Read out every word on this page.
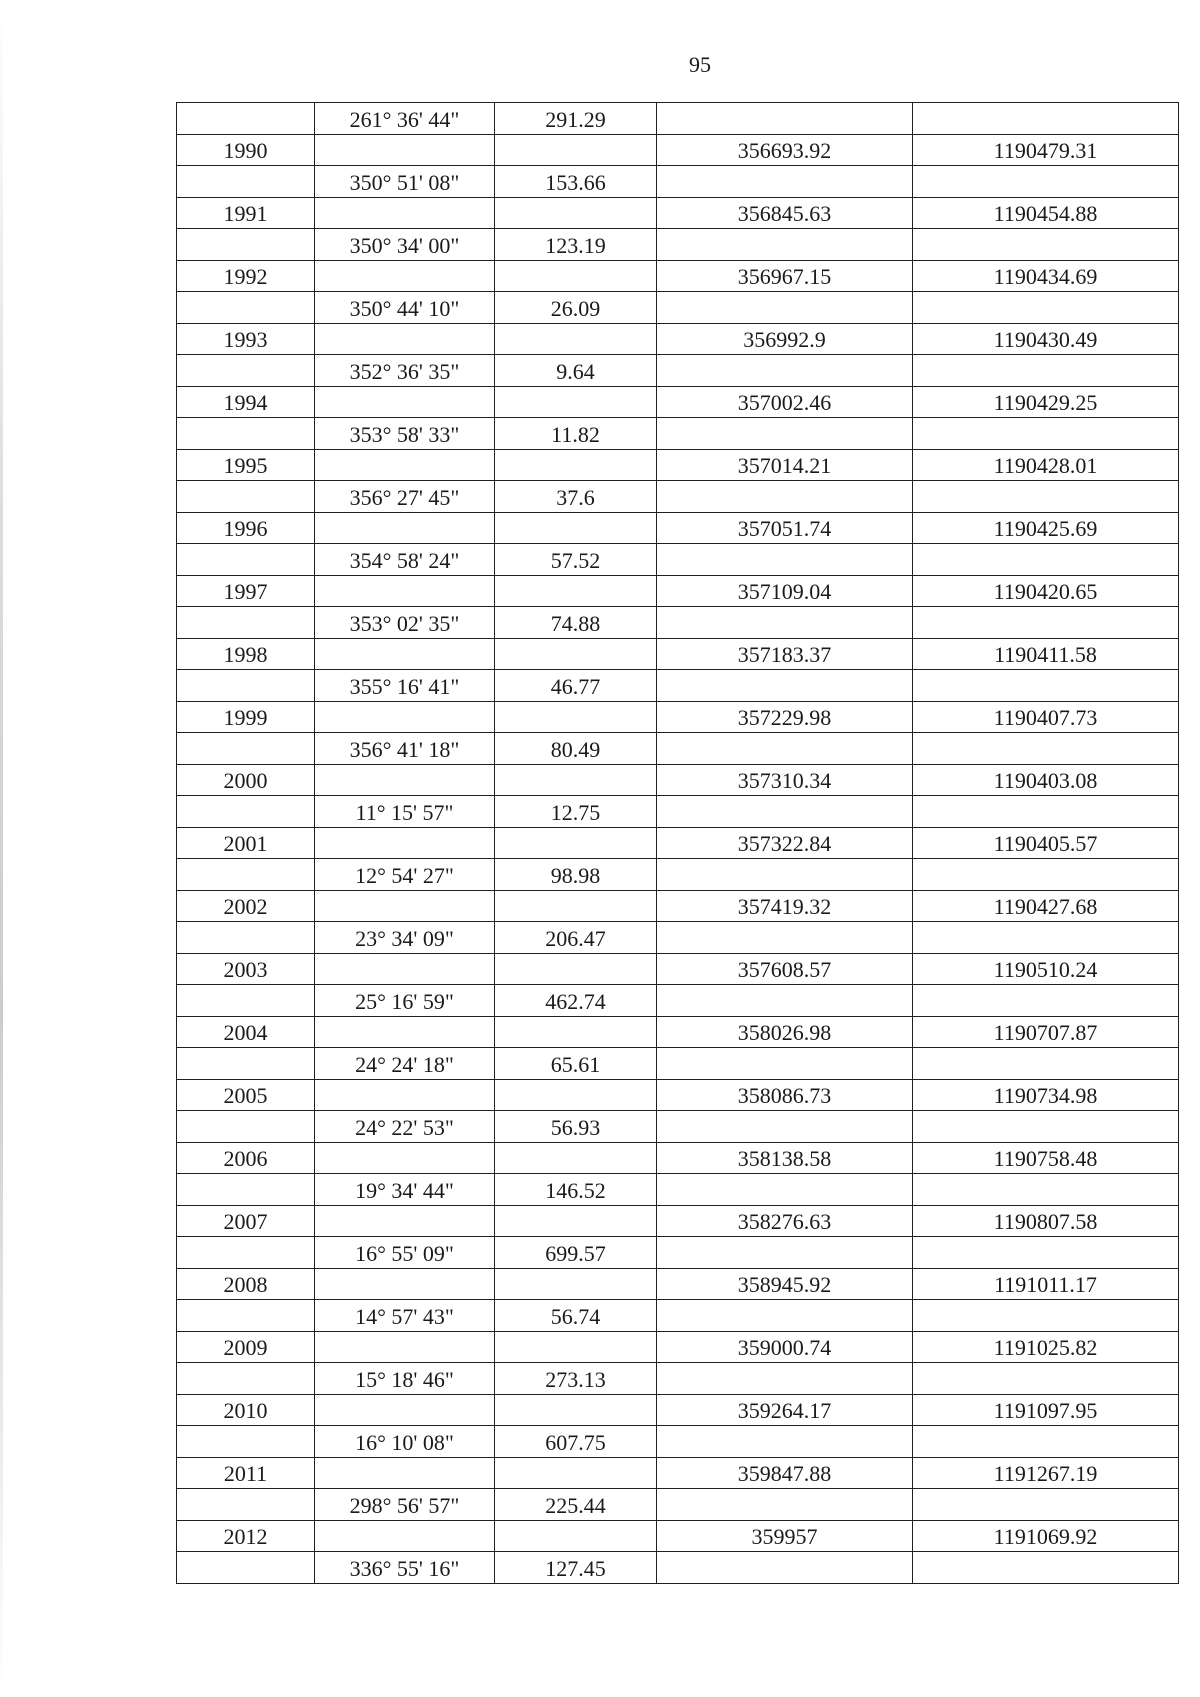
95
	261° 36' 44"	291.29		
1990			356693.92	1190479.31
	350° 51' 08"	153.66		
1991			356845.63	1190454.88
	350° 34' 00"	123.19		
1992			356967.15	1190434.69
	350° 44' 10"	26.09		
1993			356992.9	1190430.49
	352° 36' 35"	9.64		
1994			357002.46	1190429.25
	353° 58' 33"	11.82		
1995			357014.21	1190428.01
	356° 27' 45"	37.6		
1996			357051.74	1190425.69
	354° 58' 24"	57.52		
1997			357109.04	1190420.65
	353° 02' 35"	74.88		
1998			357183.37	1190411.58
	355° 16' 41"	46.77		
1999			357229.98	1190407.73
	356° 41' 18"	80.49		
2000			357310.34	1190403.08
	11° 15' 57"	12.75		
2001			357322.84	1190405.57
	12° 54' 27"	98.98		
2002			357419.32	1190427.68
	23° 34' 09"	206.47		
2003			357608.57	1190510.24
	25° 16' 59"	462.74		
2004			358026.98	1190707.87
	24° 24' 18"	65.61		
2005			358086.73	1190734.98
	24° 22' 53"	56.93		
2006			358138.58	1190758.48
	19° 34' 44"	146.52		
2007			358276.63	1190807.58
	16° 55' 09"	699.57		
2008			358945.92	1191011.17
	14° 57' 43"	56.74		
2009			359000.74	1191025.82
	15° 18' 46"	273.13		
2010			359264.17	1191097.95
	16° 10' 08"	607.75		
2011			359847.88	1191267.19
	298° 56' 57"	225.44		
2012			359957	1191069.92
	336° 55' 16"	127.45		
